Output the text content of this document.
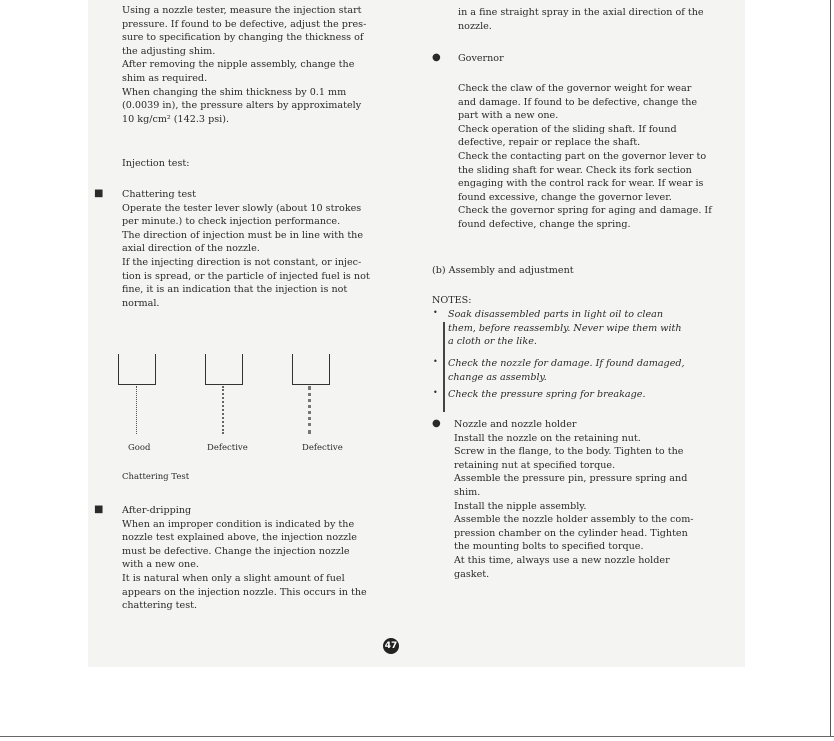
Using a nozzle tester, measure the injection start
pressure. If found to be defective, adjust the pres-
sure to specification by changing the thickness of
the adjusting shim.
After removing the nipple assembly, change the
shim as required.
When changing the shim thickness by 0.1 mm
(0.0039 in), the pressure alters by approximately
10 kg/cm² (142.3 psi).
Injection test:
■ Chattering test
Operate the tester lever slowly (about 10 strokes
per minute.) to check injection performance.
The direction of injection must be in line with the
axial direction of the nozzle.
If the injecting direction is not constant, or injec-
tion is spread, or the particle of injected fuel is not
fine, it is an indication that the injection is not
normal.
Good	Defective	Defective
Chattering Test
■ After-dripping
When an improper condition is indicated by the
nozzle test explained above, the injection nozzle
must be defective. Change the injection nozzle
with a new one.
It is natural when only a slight amount of fuel
appears on the injection nozzle. This occurs in the
chattering test.
in a fine straight spray in the axial direction of the
nozzle.
● Governor
Check the claw of the governor weight for wear
and damage. If found to be defective, change the
part with a new one.
Check operation of the sliding shaft. If found
defective, repair or replace the shaft.
Check the contacting part on the governor lever to
the sliding shaft for wear. Check its fork section
engaging with the control rack for wear. If wear is
found excessive, change the governor lever.
Check the governor spring for aging and damage. If
found defective, change the spring.
(b) Assembly and adjustment
NOTES:
• Soak disassembled parts in light oil to clean
them, before reassembly. Never wipe them with
a cloth or the like.
• Check the nozzle for damage. If found damaged,
change as assembly.
• Check the pressure spring for breakage.
● Nozzle and nozzle holder
Install the nozzle on the retaining nut.
Screw in the flange, to the body. Tighten to the
retaining nut at specified torque.
Assemble the pressure pin, pressure spring and
shim.
Install the nipple assembly.
Assemble the nozzle holder assembly to the com-
pression chamber on the cylinder head. Tighten
the mounting bolts to specified torque.
At this time, always use a new nozzle holder
gasket.
47
